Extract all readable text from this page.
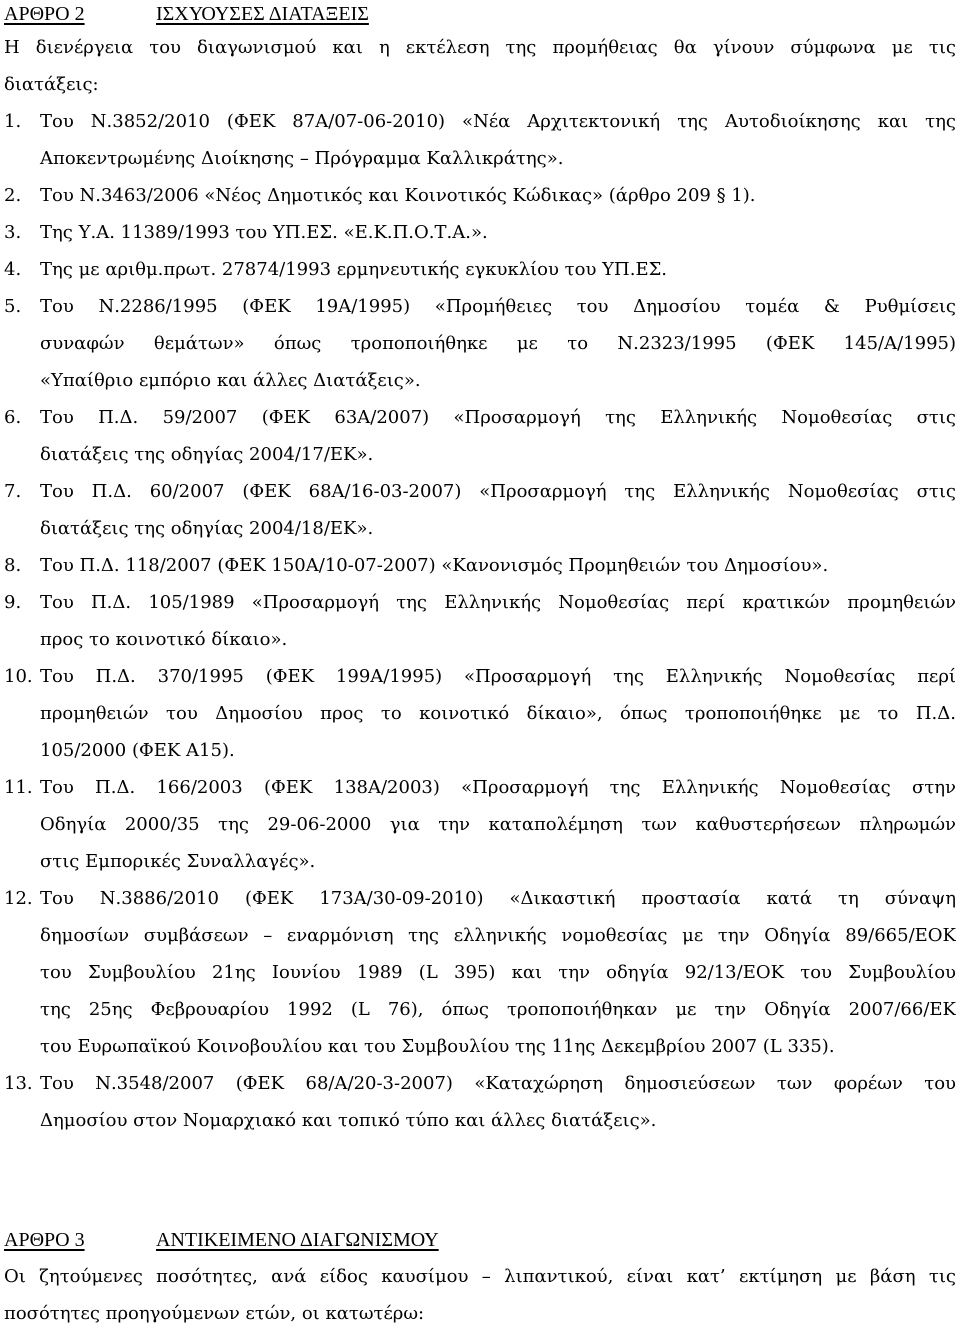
ΑΡΘΡΟ 2	ΙΣΧΥΟΥΣΕΣ ΔΙΑΤΑΞΕΙΣ
Η διενέργεια του διαγωνισμού και η εκτέλεση της προμήθειας θα γίνουν σύμφωνα με τις
διατάξεις:
1. Του Ν.3852/2010 (ΦΕΚ 87Α/07-06-2010) «Νέα Αρχιτεκτονική της Αυτοδιοίκησης και της
Αποκεντρωμένης Διοίκησης – Πρόγραμμα Καλλικράτης».
2. Του Ν.3463/2006 «Νέος Δημοτικός και Κοινοτικός Κώδικας» (άρθρο 209 § 1).
3. Της Υ.Α. 11389/1993 του ΥΠ.ΕΣ. «Ε.Κ.Π.Ο.Τ.Α.».
4. Της με αριθμ.πρωτ. 27874/1993 ερμηνευτικής εγκυκλίου του ΥΠ.ΕΣ.
5. Του Ν.2286/1995 (ΦΕΚ 19Α/1995) «Προμήθειες του Δημοσίου τομέα & Ρυθμίσεις
συναφών θεμάτων» όπως τροποποιήθηκε με το Ν.2323/1995 (ΦΕΚ 145/Α/1995)
«Υπαίθριο εμπόριο και άλλες Διατάξεις».
6. Του Π.Δ. 59/2007 (ΦΕΚ 63Α/2007) «Προσαρμογή της Ελληνικής Νομοθεσίας στις
διατάξεις της οδηγίας 2004/17/ΕΚ».
7. Του Π.Δ. 60/2007 (ΦΕΚ 68Α/16-03-2007) «Προσαρμογή της Ελληνικής Νομοθεσίας στις
διατάξεις της οδηγίας 2004/18/ΕΚ».
8. Του Π.Δ. 118/2007 (ΦΕΚ 150Α/10-07-2007) «Κανονισμός Προμηθειών του Δημοσίου».
9. Του Π.Δ. 105/1989 «Προσαρμογή της Ελληνικής Νομοθεσίας περί κρατικών προμηθειών
προς το κοινοτικό δίκαιο».
10. Του Π.Δ. 370/1995 (ΦΕΚ 199Α/1995) «Προσαρμογή της Ελληνικής Νομοθεσίας περί
προμηθειών του Δημοσίου προς το κοινοτικό δίκαιο», όπως τροποποιήθηκε με το Π.Δ.
105/2000 (ΦΕΚ Α15).
11. Του Π.Δ. 166/2003 (ΦΕΚ 138Α/2003) «Προσαρμογή της Ελληνικής Νομοθεσίας στην
Οδηγία 2000/35 της 29-06-2000 για την καταπολέμηση των καθυστερήσεων πληρωμών
στις Εμπορικές Συναλλαγές».
12. Του Ν.3886/2010 (ΦΕΚ 173Α/30-09-2010) «Δικαστική προστασία κατά τη σύναψη
δημοσίων συμβάσεων – εναρμόνιση της ελληνικής νομοθεσίας με την Οδηγία 89/665/ΕΟΚ
του Συμβουλίου 21ης Ιουνίου 1989 (L 395) και την οδηγία 92/13/ΕΟΚ του Συμβουλίου
της 25ης Φεβρουαρίου 1992 (L 76), όπως τροποποιήθηκαν με την Οδηγία 2007/66/ΕΚ
του Ευρωπαϊκού Κοινοβουλίου και του Συμβουλίου της 11ης Δεκεμβρίου 2007 (L 335).
13. Του Ν.3548/2007 (ΦΕΚ 68/Α/20-3-2007) «Καταχώρηση δημοσιεύσεων των φορέων του
Δημοσίου στον Νομαρχιακό και τοπικό τύπο και άλλες διατάξεις».
ΑΡΘΡΟ 3	ΑΝΤΙΚΕΙΜΕΝΟ ΔΙΑΓΩΝΙΣΜΟΥ
Οι ζητούμενες ποσότητες, ανά είδος καυσίμου – λιπαντικού, είναι κατ’ εκτίμηση με βάση τις
ποσότητες προηγούμενων ετών, οι κατωτέρω:
